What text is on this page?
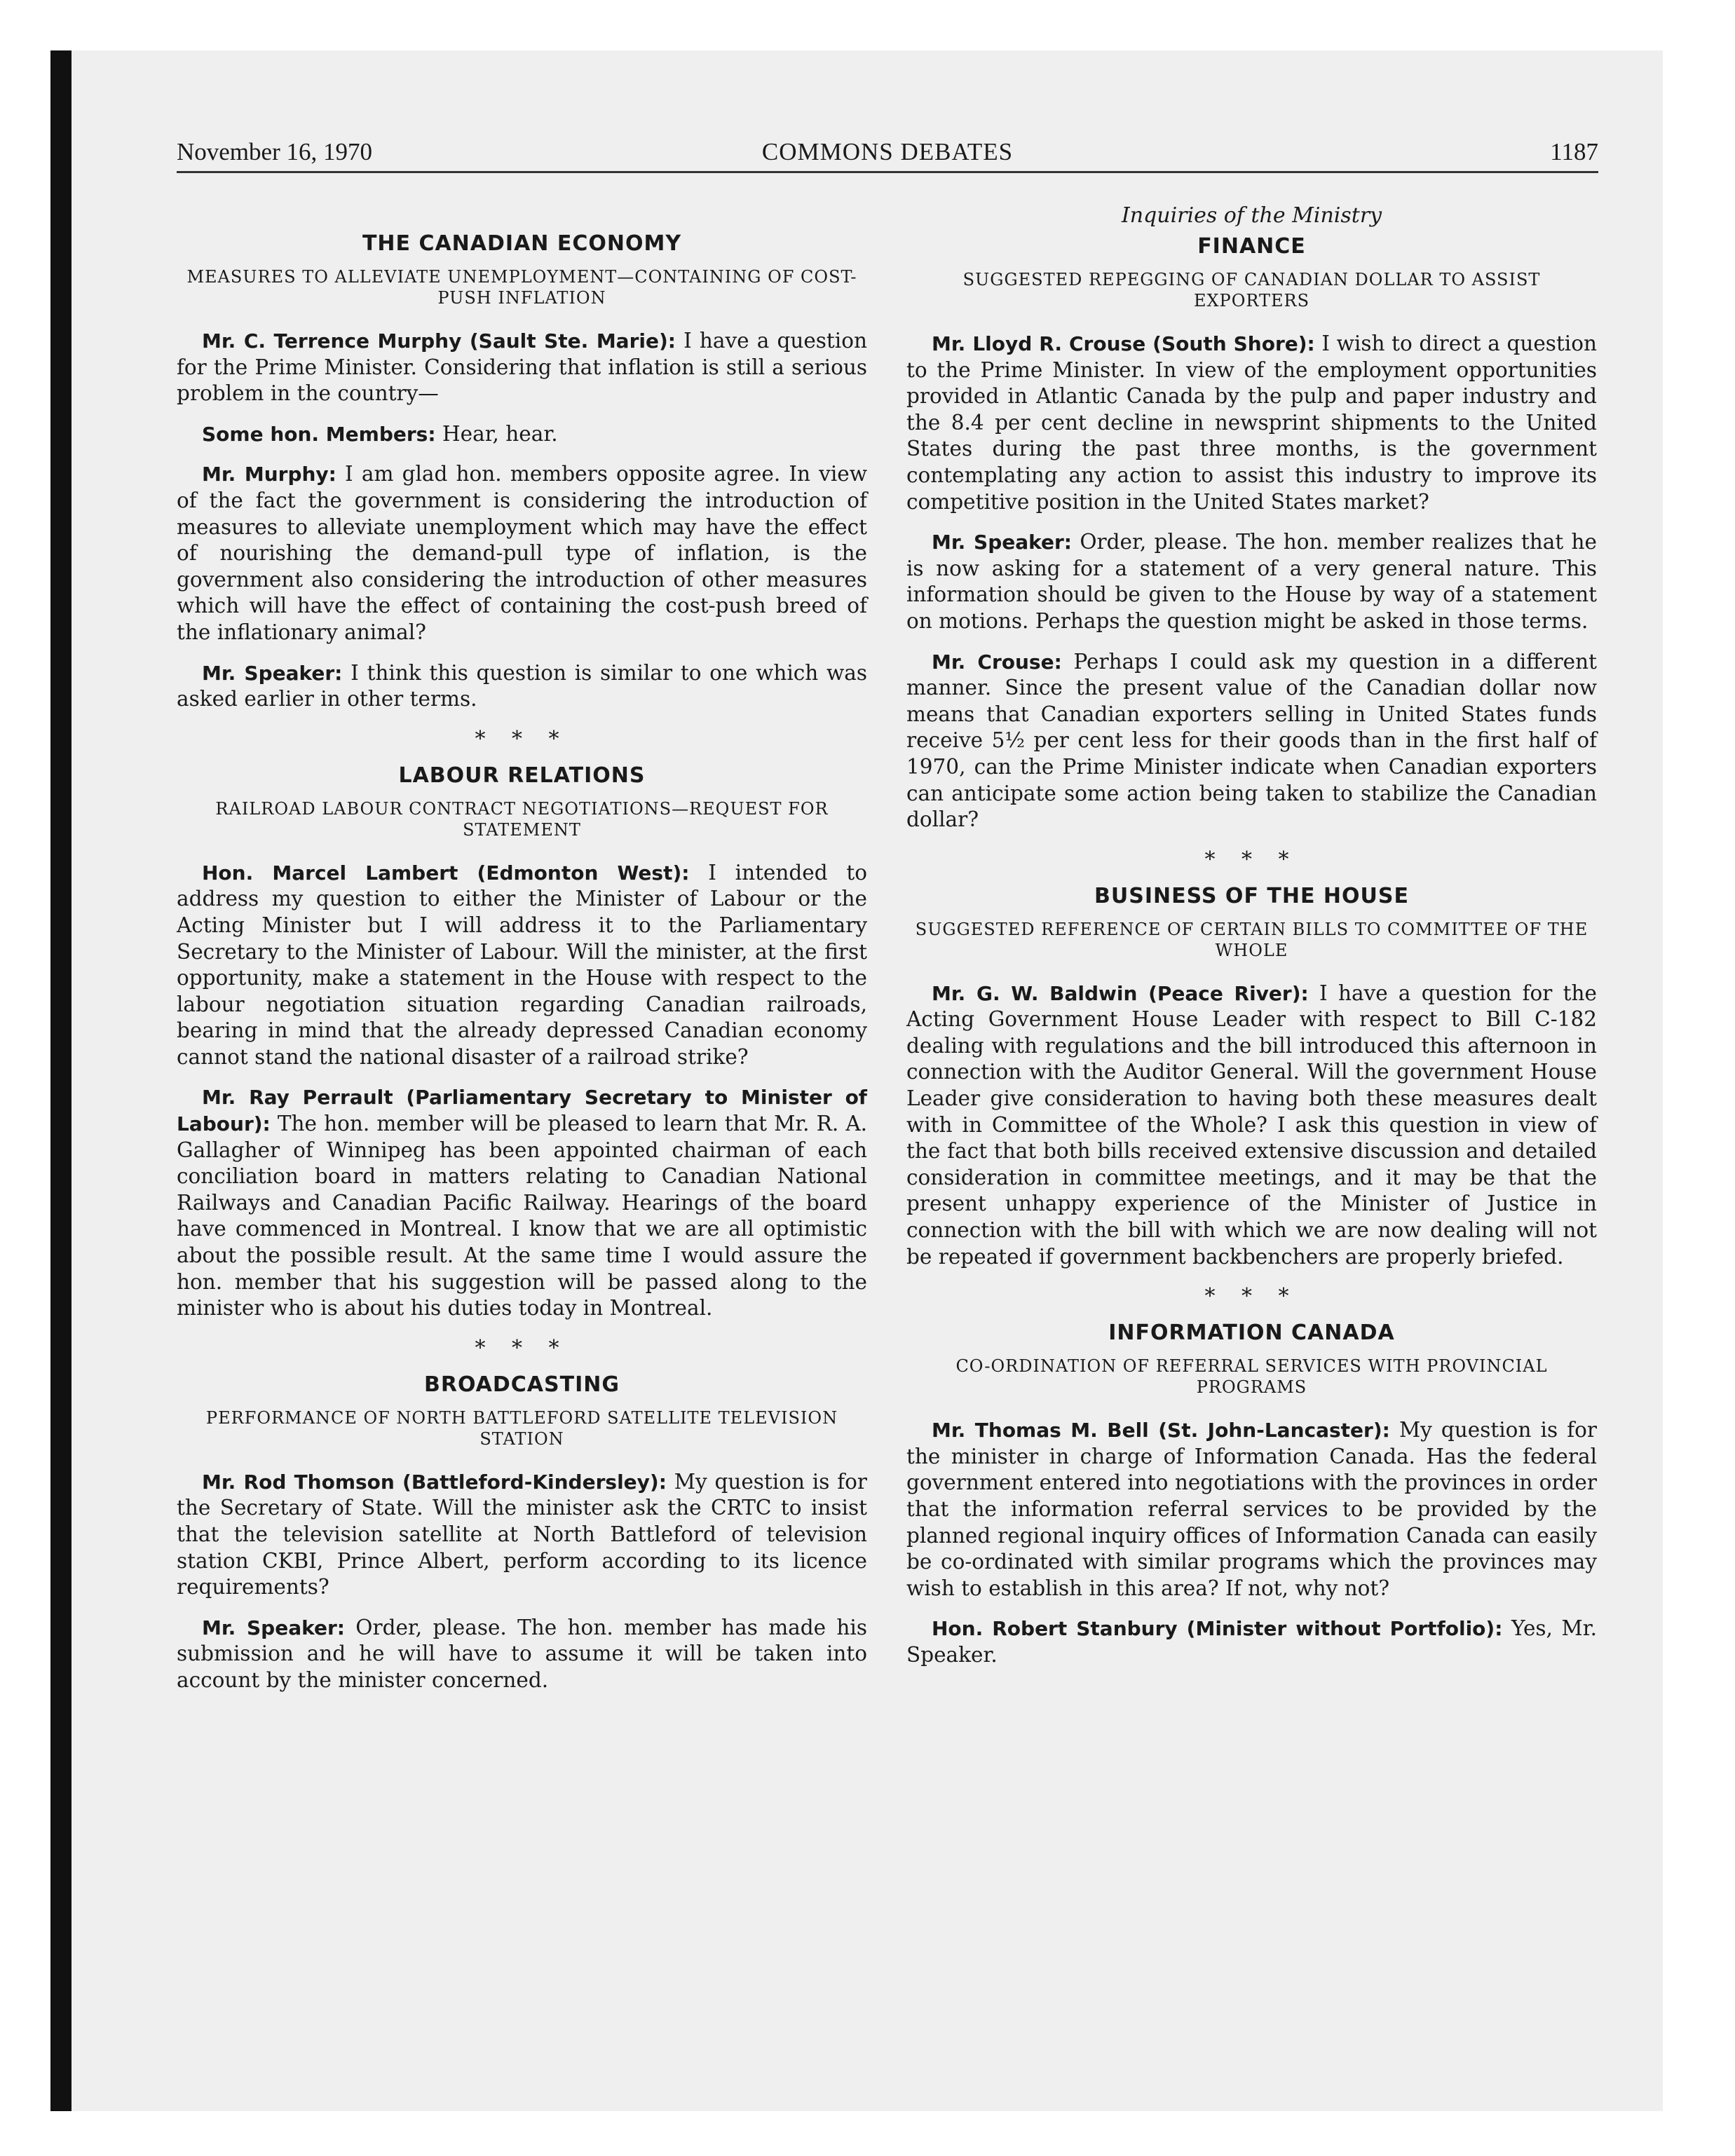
November 16, 1970	COMMONS DEBATES	1187
THE CANADIAN ECONOMY
MEASURES TO ALLEVIATE UNEMPLOYMENT—CONTAINING OF COST-PUSH INFLATION

Mr. C. Terrence Murphy (Sault Ste. Marie): I have a question for the Prime Minister. Considering that inflation is still a serious problem in the country—

Some hon. Members: Hear, hear.

Mr. Murphy: I am glad hon. members opposite agree. In view of the fact the government is considering the introduction of measures to alleviate unemployment which may have the effect of nourishing the demand-pull type of inflation, is the government also considering the introduction of other measures which will have the effect of containing the cost-push breed of the inflationary animal?

Mr. Speaker: I think this question is similar to one which was asked earlier in other terms.

* * *
LABOUR RELATIONS
RAILROAD LABOUR CONTRACT NEGOTIATIONS—REQUEST FOR STATEMENT

Hon. Marcel Lambert (Edmonton West): I intended to address my question to either the Minister of Labour or the Acting Minister but I will address it to the Parliamentary Secretary to the Minister of Labour. Will the minister, at the first opportunity, make a statement in the House with respect to the labour negotiation situation regarding Canadian railroads, bearing in mind that the already depressed Canadian economy cannot stand the national disaster of a railroad strike?

Mr. Ray Perrault (Parliamentary Secretary to Minister of Labour): The hon. member will be pleased to learn that Mr. R. A. Gallagher of Winnipeg has been appointed chairman of each conciliation board in matters relating to Canadian National Railways and Canadian Pacific Railway. Hearings of the board have commenced in Montreal. I know that we are all optimistic about the possible result. At the same time I would assure the hon. member that his suggestion will be passed along to the minister who is about his duties today in Montreal.

* * *
BROADCASTING
PERFORMANCE OF NORTH BATTLEFORD SATELLITE TELEVISION STATION

Mr. Rod Thomson (Battleford-Kindersley): My question is for the Secretary of State. Will the minister ask the CRTC to insist that the television satellite at North Battleford of television station CKBI, Prince Albert, perform according to its licence requirements?

Mr. Speaker: Order, please. The hon. member has made his submission and he will have to assume it will be taken into account by the minister concerned.

Inquiries of the Ministry
FINANCE
SUGGESTED REPEGGING OF CANADIAN DOLLAR TO ASSIST EXPORTERS

Mr. Lloyd R. Crouse (South Shore): I wish to direct a question to the Prime Minister. In view of the employment opportunities provided in Atlantic Canada by the pulp and paper industry and the 8.4 per cent decline in newsprint shipments to the United States during the past three months, is the government contemplating any action to assist this industry to improve its competitive position in the United States market?

Mr. Speaker: Order, please. The hon. member realizes that he is now asking for a statement of a very general nature. This information should be given to the House by way of a statement on motions. Perhaps the question might be asked in those terms.

Mr. Crouse: Perhaps I could ask my question in a different manner. Since the present value of the Canadian dollar now means that Canadian exporters selling in United States funds receive 5½ per cent less for their goods than in the first half of 1970, can the Prime Minister indicate when Canadian exporters can anticipate some action being taken to stabilize the Canadian dollar?

* * *
BUSINESS OF THE HOUSE
SUGGESTED REFERENCE OF CERTAIN BILLS TO COMMITTEE OF THE WHOLE

Mr. G. W. Baldwin (Peace River): I have a question for the Acting Government House Leader with respect to Bill C-182 dealing with regulations and the bill introduced this afternoon in connection with the Auditor General. Will the government House Leader give consideration to having both these measures dealt with in Committee of the Whole? I ask this question in view of the fact that both bills received extensive discussion and detailed consideration in committee meetings, and it may be that the present unhappy experience of the Minister of Justice in connection with the bill with which we are now dealing will not be repeated if government backbenchers are properly briefed.

* * *
INFORMATION CANADA
CO-ORDINATION OF REFERRAL SERVICES WITH PROVINCIAL PROGRAMS

Mr. Thomas M. Bell (St. John-Lancaster): My question is for the minister in charge of Information Canada. Has the federal government entered into negotiations with the provinces in order that the information referral services to be provided by the planned regional inquiry offices of Information Canada can easily be co-ordinated with similar programs which the provinces may wish to establish in this area? If not, why not?

Hon. Robert Stanbury (Minister without Portfolio): Yes, Mr. Speaker.
